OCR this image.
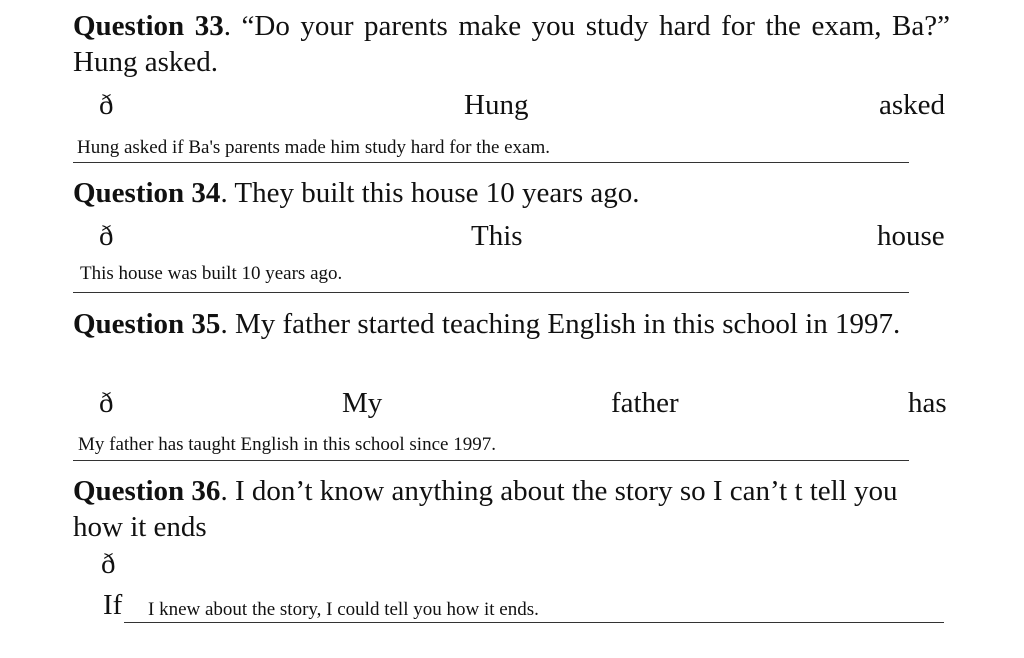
Question 33. “Do your parents make you study hard for the exam, Ba?” Hung asked.
ð	Hung	asked
Hung asked if Ba's parents made him study hard for the exam.
Question 34. They built this house 10 years ago.
ð	This	house
This house was built 10 years ago.
Question 35. My father started teaching English in this school in 1997.
ð	My	father	has
My father has taught English in this school since 1997.
Question 36. I don’t know anything about the story so I can’t t tell you how it ends
ð
If I knew about the story, I could tell you how it ends.
